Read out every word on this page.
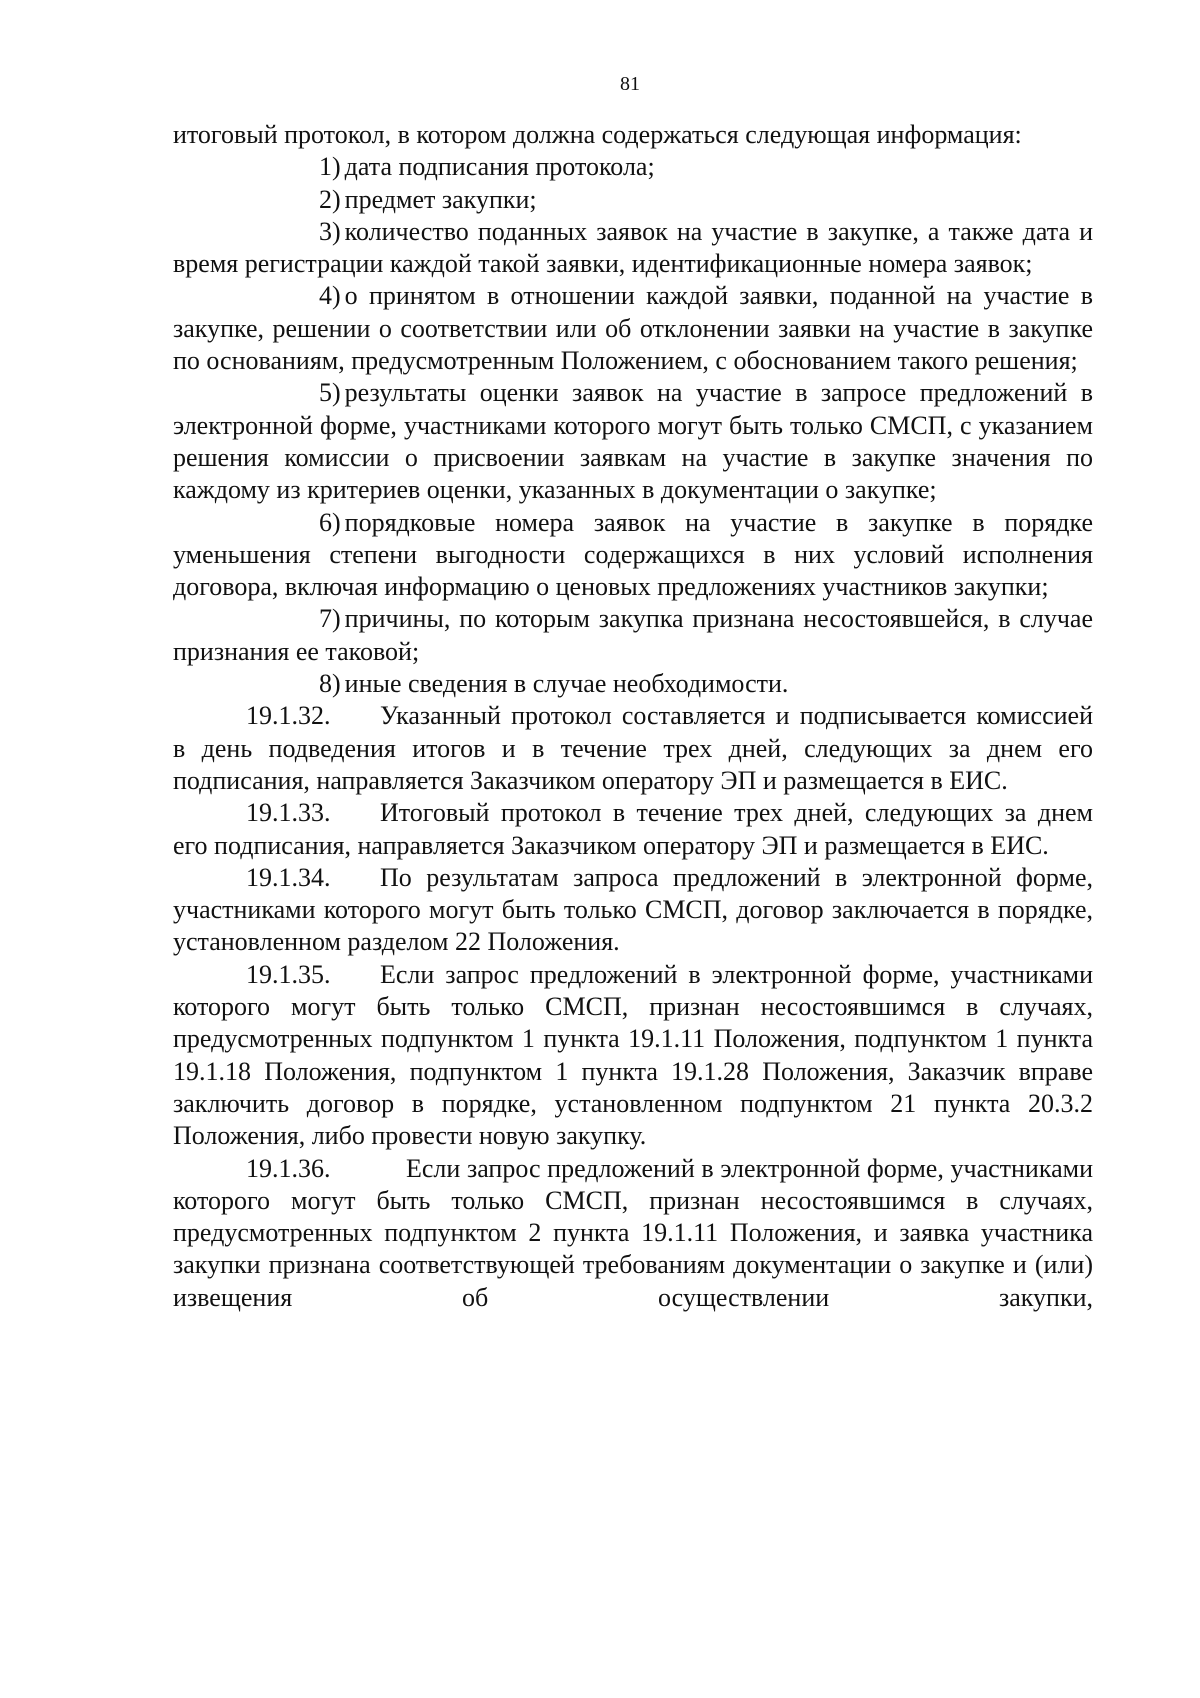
81

итоговый протокол, в котором должна содержаться следующая информация:

1) дата подписания протокола;

2) предмет закупки;

3) количество поданных заявок на участие в закупке, а также дата и время регистрации каждой такой заявки, идентификационные номера заявок;

4) о принятом в отношении каждой заявки, поданной на участие в закупке, решении о соответствии или об отклонении заявки на участие в закупке по основаниям, предусмотренным Положением, с обоснованием такого решения;

5) результаты оценки заявок на участие в запросе предложений в электронной форме, участниками которого могут быть только СМСП, с указанием решения комиссии о присвоении заявкам на участие в закупке значения по каждому из критериев оценки, указанных в документации о закупке;

6) порядковые номера заявок на участие в закупке в порядке уменьшения степени выгодности содержащихся в них условий исполнения договора, включая информацию о ценовых предложениях участников закупки;

7) причины, по которым закупка признана несостоявшейся, в случае признания ее таковой;

8) иные сведения в случае необходимости.

19.1.32. Указанный протокол составляется и подписывается комиссией в день подведения итогов и в течение трех дней, следующих за днем его подписания, направляется Заказчиком оператору ЭП и размещается в ЕИС.

19.1.33. Итоговый протокол в течение трех дней, следующих за днем его подписания, направляется Заказчиком оператору ЭП и размещается в ЕИС.

19.1.34. По результатам запроса предложений в электронной форме, участниками которого могут быть только СМСП, договор заключается в порядке, установленном разделом 22 Положения.

19.1.35. Если запрос предложений в электронной форме, участниками которого могут быть только СМСП, признан несостоявшимся в случаях, предусмотренных подпунктом 1 пункта 19.1.11 Положения, подпунктом 1 пункта 19.1.18 Положения, подпунктом 1 пункта 19.1.28 Положения, Заказчик вправе заключить договор в порядке, установленном подпунктом 21 пункта 20.3.2 Положения, либо провести новую закупку.

19.1.36.	Если запрос предложений в электронной форме, участниками которого могут быть только СМСП, признан несостоявшимся в случаях, предусмотренных подпунктом 2 пункта 19.1.11 Положения, и заявка участника закупки признана соответствующей требованиям документации о закупке и (или) извещения об осуществлении закупки,
